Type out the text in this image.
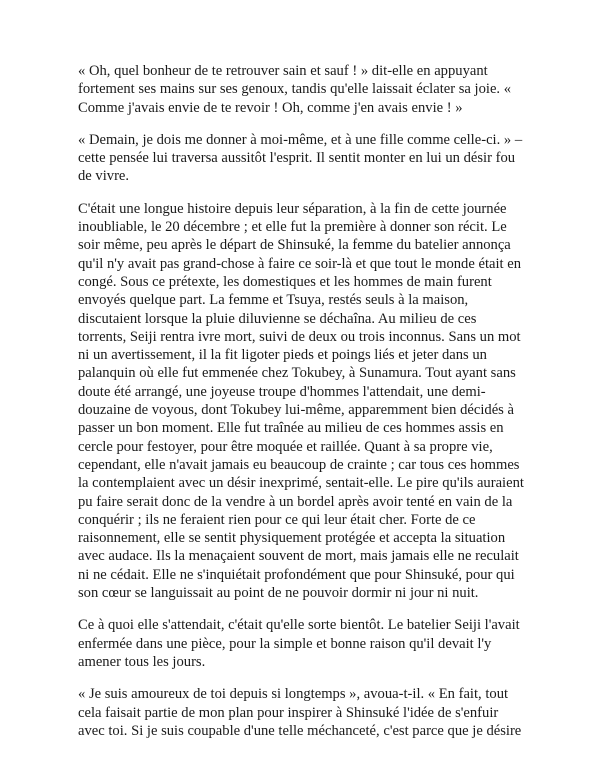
« Oh, quel bonheur de te retrouver sain et sauf ! » dit-elle en appuyant fortement ses mains sur ses genoux, tandis qu'elle laissait éclater sa joie. « Comme j'avais envie de te revoir ! Oh, comme j'en avais envie ! »

« Demain, je dois me donner à moi-même, et à une fille comme celle-ci. » – cette pensée lui traversa aussitôt l'esprit. Il sentit monter en lui un désir fou de vivre.

C'était une longue histoire depuis leur séparation, à la fin de cette journée inoubliable, le 20 décembre ; et elle fut la première à donner son récit. Le soir même, peu après le départ de Shinsuké, la femme du batelier annonça qu'il n'y avait pas grand-chose à faire ce soir-là et que tout le monde était en congé. Sous ce prétexte, les domestiques et les hommes de main furent envoyés quelque part. La femme et Tsuya, restés seuls à la maison, discutaient lorsque la pluie diluvienne se déchaîna. Au milieu de ces torrents, Seiji rentra ivre mort, suivi de deux ou trois inconnus. Sans un mot ni un avertissement, il la fit ligoter pieds et poings liés et jeter dans un palanquin où elle fut emmenée chez Tokubey, à Sunamura. Tout ayant sans doute été arrangé, une joyeuse troupe d'hommes l'attendait, une demi-douzaine de voyous, dont Tokubey lui-même, apparemment bien décidés à passer un bon moment. Elle fut traînée au milieu de ces hommes assis en cercle pour festoyer, pour être moquée et raillée. Quant à sa propre vie, cependant, elle n'avait jamais eu beaucoup de crainte ; car tous ces hommes la contemplaient avec un désir inexprimé, sentait-elle. Le pire qu'ils auraient pu faire serait donc de la vendre à un bordel après avoir tenté en vain de la conquérir ; ils ne feraient rien pour ce qui leur était cher. Forte de ce raisonnement, elle se sentit physiquement protégée et accepta la situation avec audace. Ils la menaçaient souvent de mort, mais jamais elle ne reculait ni ne cédait. Elle ne s'inquiétait profondément que pour Shinsuké, pour qui son cœur se languissait au point de ne pouvoir dormir ni jour ni nuit.

Ce à quoi elle s'attendait, c'était qu'elle sorte bientôt. Le batelier Seiji l'avait enfermée dans une pièce, pour la simple et bonne raison qu'il devait l'y amener tous les jours.

« Je suis amoureux de toi depuis si longtemps », avoua-t-il. « En fait, tout cela faisait partie de mon plan pour inspirer à Shinsuké l'idée de s'enfuir avec toi. Si je suis coupable d'une telle méchanceté, c'est parce que je désire
